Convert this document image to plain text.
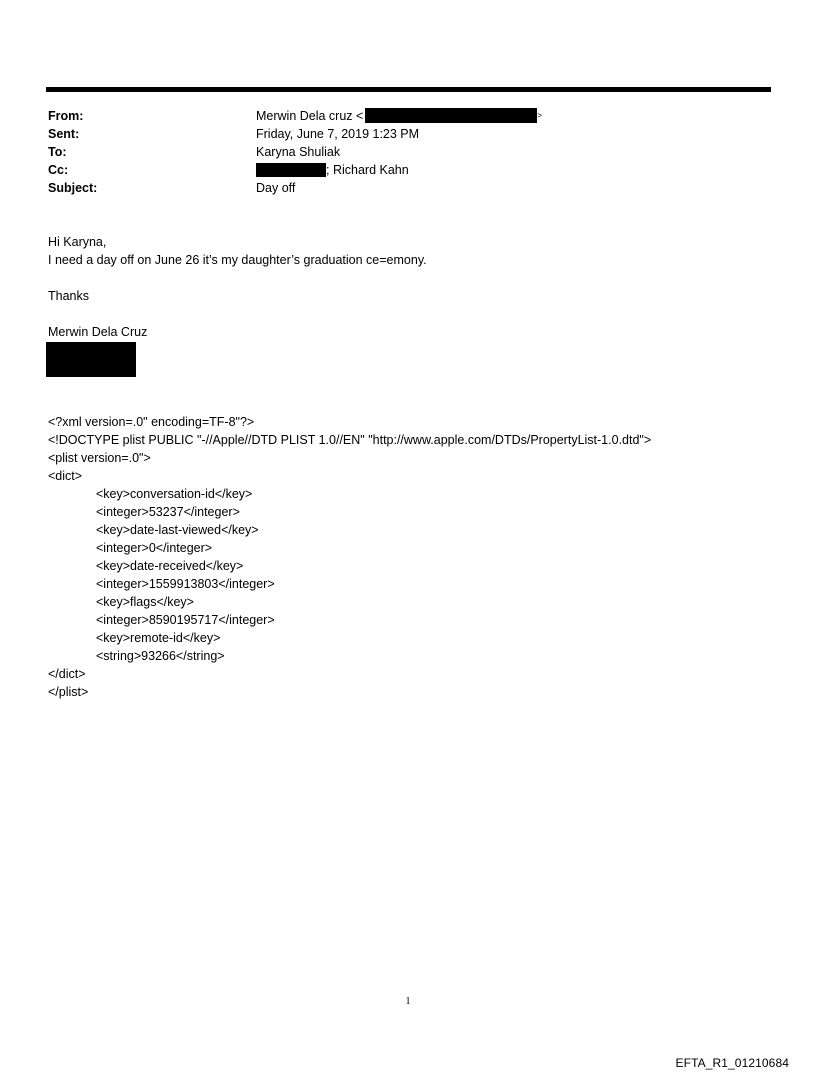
From:	Merwin Dela cruz <	>
Sent:	Friday, June 7, 2019 1:23 PM
To:	Karyna Shuliak
Cc:	; Richard Kahn
Subject:	Day off

Hi Karyna,

I need a day off on June 26 it’s my daughter’s graduation ce=emony.

Thanks

Merwin Dela Cruz

<?xml version=.0" encoding=TF-8"?>

<!DOCTYPE plist PUBLIC "-//Apple//DTD PLIST 1.0//EN" "http://www.apple.com/DTDs/PropertyList-1.0.dtd">

<plist version=.0">

<dict>

<key>conversation-id</key>

<integer>53237</integer>

<key>date-last-viewed</key>

<integer>0</integer>

<key>date-received</key>

<integer>1559913803</integer>

<key>flags</key>

<integer>8590195717</integer>

<key>remote-id</key>

<string>93266</string>

</dict>

</plist>

1
EFTA_R1_01210684
